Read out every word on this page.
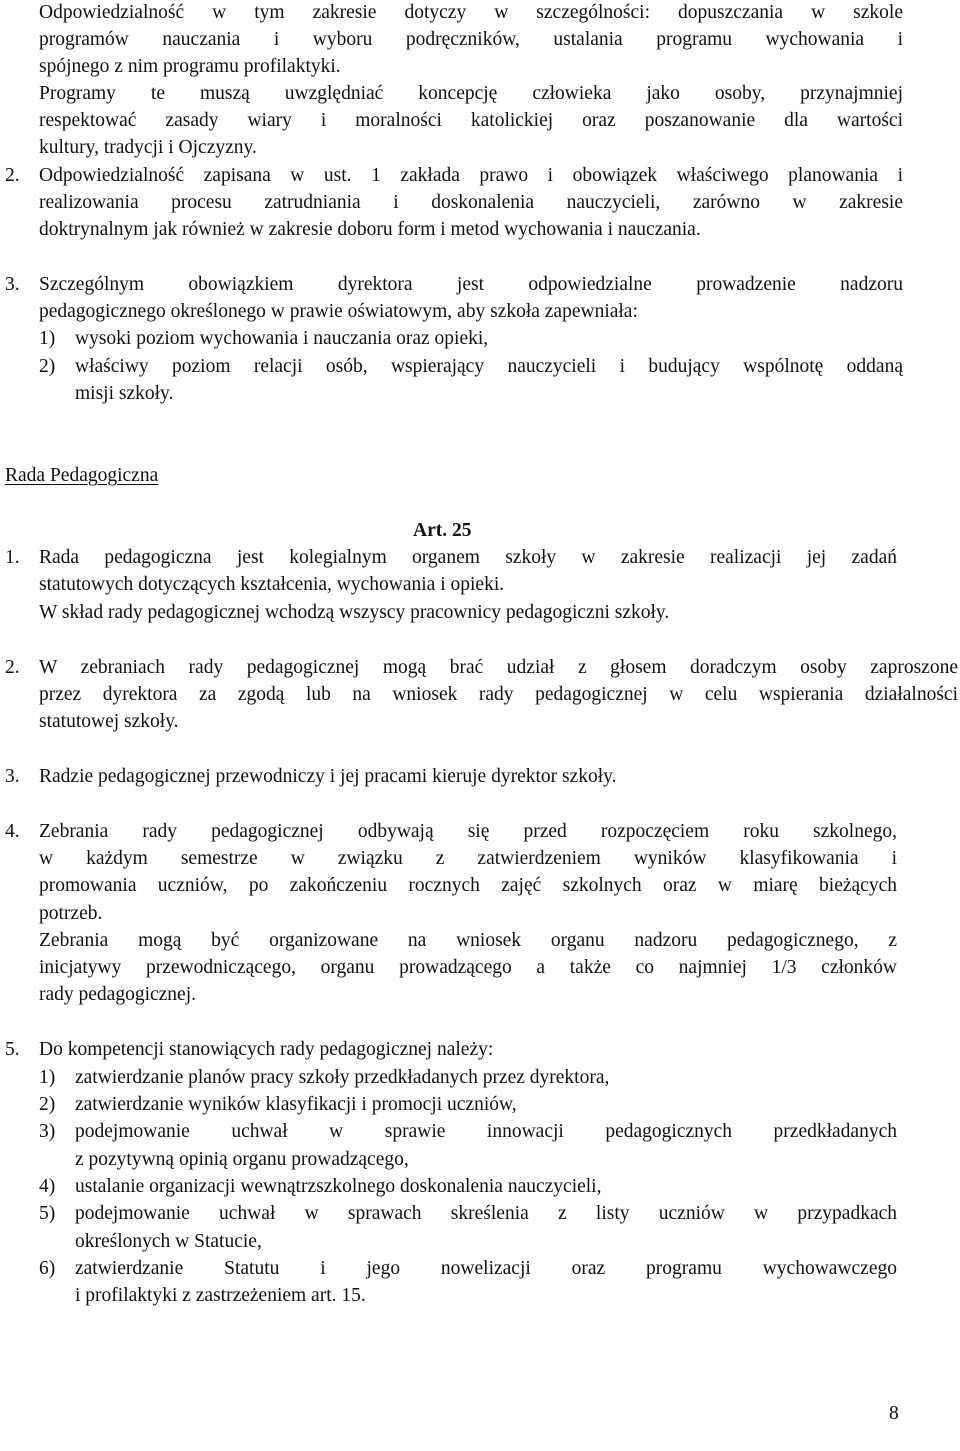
Odpowiedzialność w tym zakresie dotyczy w szczególności: dopuszczania w szkole
programów nauczania i wyboru podręczników, ustalania programu wychowania i
spójnego z nim programu profilaktyki.
Programy te muszą uwzględniać koncepcję człowieka jako osoby, przynajmniej
respektować zasady wiary i moralności katolickiej oraz poszanowanie dla wartości
kultury, tradycji i Ojczyzny.
2. Odpowiedzialność zapisana w ust. 1 zakłada prawo i obowiązek właściwego planowania i
realizowania procesu zatrudniania i doskonalenia nauczycieli, zarówno w zakresie
doktrynalnym jak również w zakresie doboru form i metod wychowania i nauczania.
3. Szczególnym obowiązkiem dyrektora jest odpowiedzialne prowadzenie nadzoru
pedagogicznego określonego w prawie oświatowym, aby szkoła zapewniała:
1) wysoki poziom wychowania i nauczania oraz opieki,
2) właściwy poziom relacji osób, wspierający nauczycieli i budujący wspólnotę oddaną
misji szkoły.
Rada Pedagogiczna
Art. 25
1. Rada pedagogiczna jest kolegialnym organem szkoły w zakresie realizacji jej zadań
statutowych dotyczących kształcenia, wychowania i opieki.
W skład rady pedagogicznej wchodzą wszyscy pracownicy pedagogiczni szkoły.
2. W zebraniach rady pedagogicznej mogą brać udział z głosem doradczym osoby zaproszone
przez dyrektora za zgodą lub na wniosek rady pedagogicznej w celu wspierania działalności
statutowej szkoły.
3. Radzie pedagogicznej przewodniczy i jej pracami kieruje dyrektor szkoły.
4. Zebrania rady pedagogicznej odbywają się przed rozpoczęciem roku szkolnego,
w każdym semestrze w związku z zatwierdzeniem wyników klasyfikowania i
promowania uczniów, po zakończeniu rocznych zajęć szkolnych oraz w miarę bieżących
potrzeb.
Zebrania mogą być organizowane na wniosek organu nadzoru pedagogicznego, z
inicjatywy przewodniczącego, organu prowadzącego a także co najmniej 1/3 członków
rady pedagogicznej.
5. Do kompetencji stanowiących rady pedagogicznej należy:
1) zatwierdzanie planów pracy szkoły przedkładanych przez dyrektora,
2) zatwierdzanie wyników klasyfikacji i promocji uczniów,
3) podejmowanie uchwał w sprawie innowacji pedagogicznych przedkładanych
z pozytywną opinią organu prowadzącego,
4) ustalanie organizacji wewnątrzszkolnego doskonalenia nauczycieli,
5) podejmowanie uchwał w sprawach skreślenia z listy uczniów w przypadkach
określonych w Statucie,
6) zatwierdzanie Statutu i jego nowelizacji oraz programu wychowawczego
i profilaktyki z zastrzeżeniem art. 15.
8
